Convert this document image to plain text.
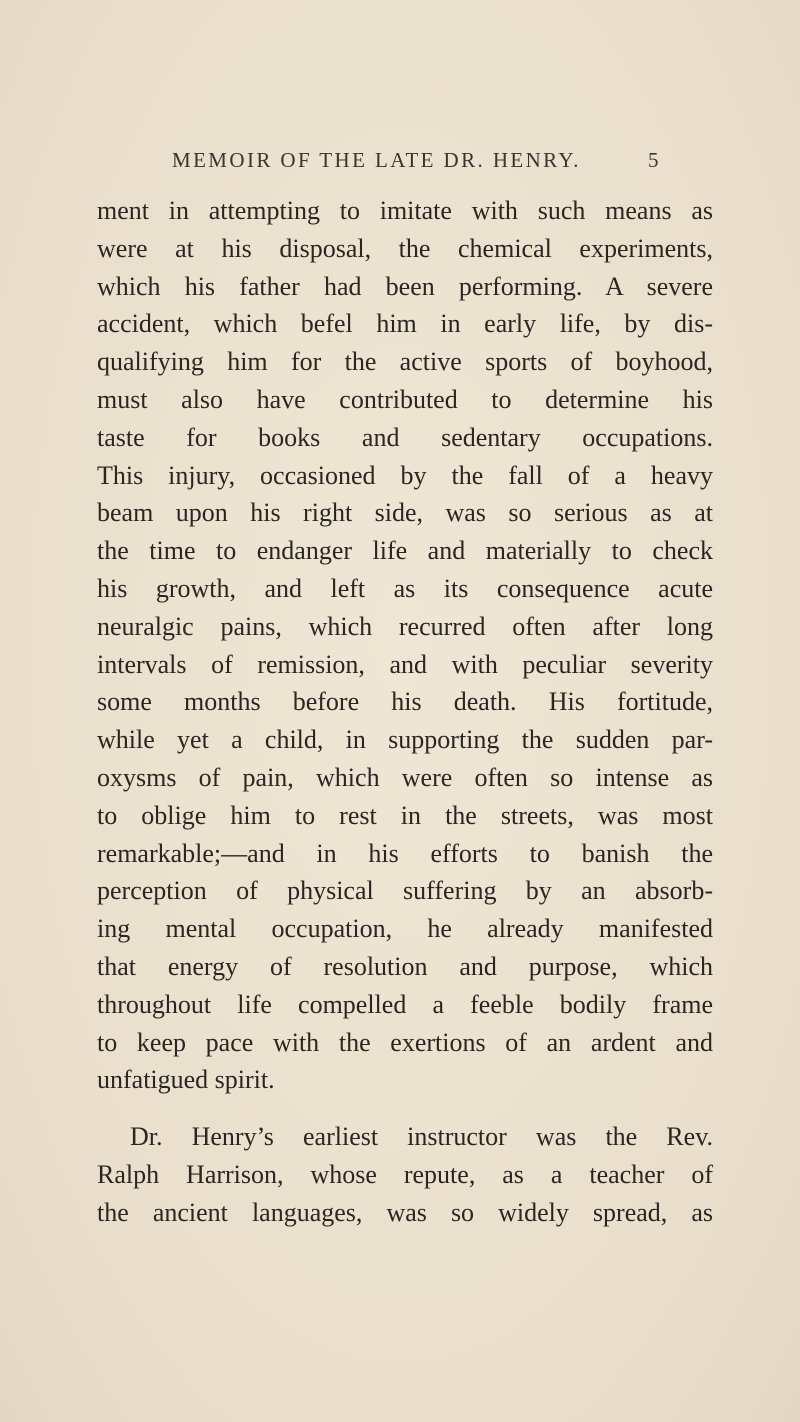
MEMOIR OF THE LATE DR. HENRY.	5
ment in attempting to imitate with such means as
were at his disposal, the chemical experiments,
which his father had been performing. A severe
accident, which befel him in early life, by dis-
qualifying him for the active sports of boyhood,
must also have contributed to determine his
taste for books and sedentary occupations.
This injury, occasioned by the fall of a heavy
beam upon his right side, was so serious as at
the time to endanger life and materially to check
his growth, and left as its consequence acute
neuralgic pains, which recurred often after long
intervals of remission, and with peculiar severity
some months before his death. His fortitude,
while yet a child, in supporting the sudden par-
oxysms of pain, which were often so intense as
to oblige him to rest in the streets, was most
remarkable;—and in his efforts to banish the
perception of physical suffering by an absorb-
ing mental occupation, he already manifested
that energy of resolution and purpose, which
throughout life compelled a feeble bodily frame
to keep pace with the exertions of an ardent and
unfatigued spirit.
Dr. Henry’s earliest instructor was the Rev.
Ralph Harrison, whose repute, as a teacher of
the ancient languages, was so widely spread, as
